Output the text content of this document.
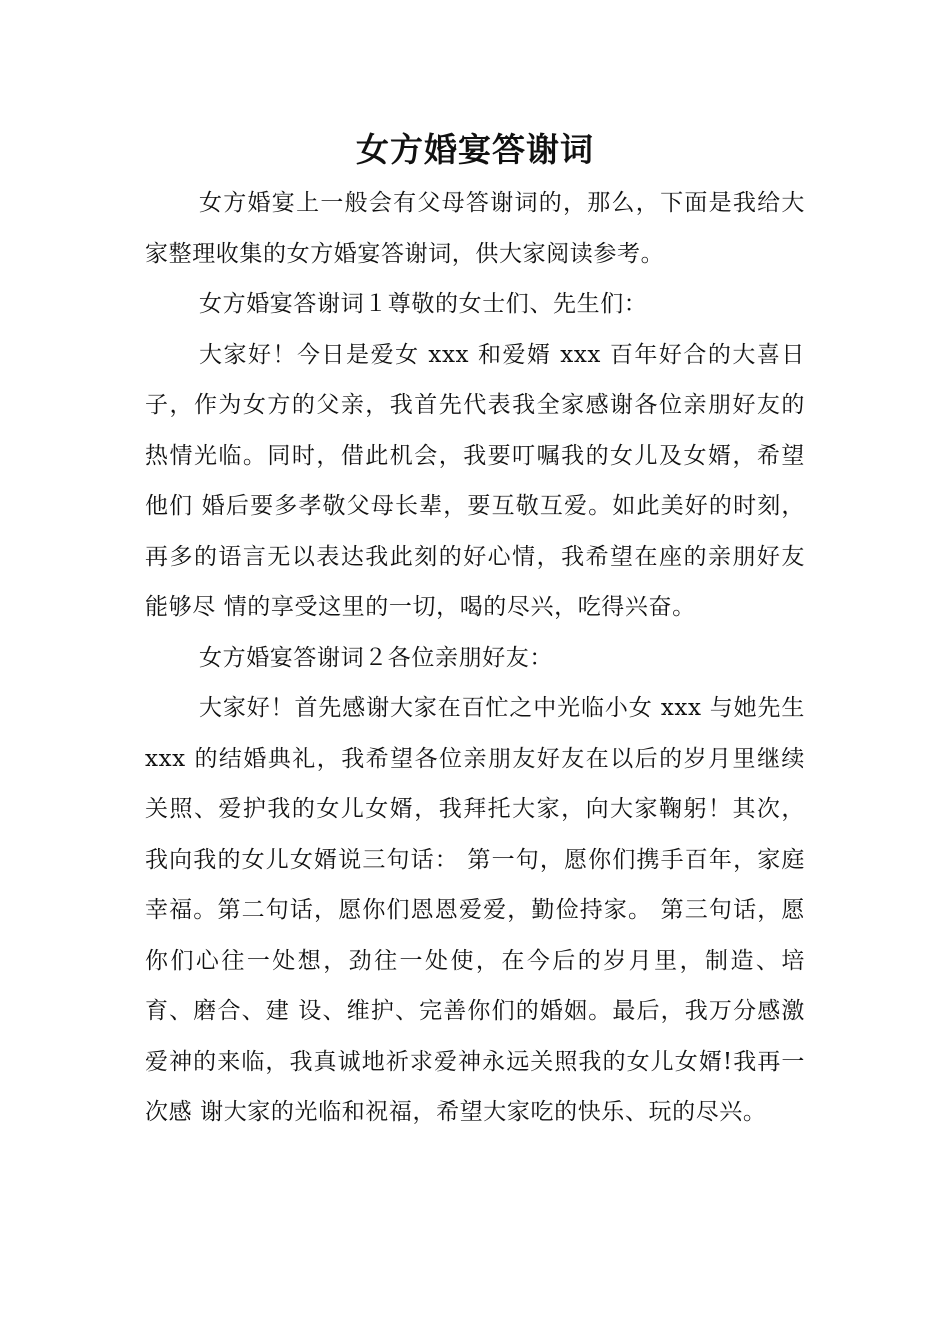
女方婚宴答谢词

女方婚宴上一般会有父母答谢词的，那么，下面是我给大家整理收集的女方婚宴答谢词，供大家阅读参考。

女方婚宴答谢词１尊敬的女士们、先生们：

大家好！今日是爱女 xxx 和爱婿 xxx 百年好合的大喜日子，作为女方的父亲，我首先代表我全家感谢各位亲朋好友的热情光临。同时，借此机会，我要叮嘱我的女儿及女婿，希望他们 婚后要多孝敬父母长辈，要互敬互爱。如此美好的时刻，再多的语言无以表达我此刻的好心情，我希望在座的亲朋好友能够尽 情的享受这里的一切，喝的尽兴，吃得兴奋。

女方婚宴答谢词２各位亲朋好友：

大家好！首先感谢大家在百忙之中光临小女 xxx 与她先生 xxx 的结婚典礼，我希望各位亲朋友好友在以后的岁月里继续关照、爱护我的女儿女婿，我拜托大家，向大家鞠躬！其次，我向我的女儿女婿说三句话： 第一句，愿你们携手百年，家庭幸福。第二句话，愿你们恩恩爱爱，勤俭持家。 第三句话，愿你们心往一处想，劲往一处使，在今后的岁月里，制造、培育、磨合、建 设、维护、完善你们的婚姻。最后，我万分感激爱神的来临，我真诚地祈求爱神永远关照我的女儿女婿!我再一次感 谢大家的光临和祝福，希望大家吃的快乐、玩的尽兴。
